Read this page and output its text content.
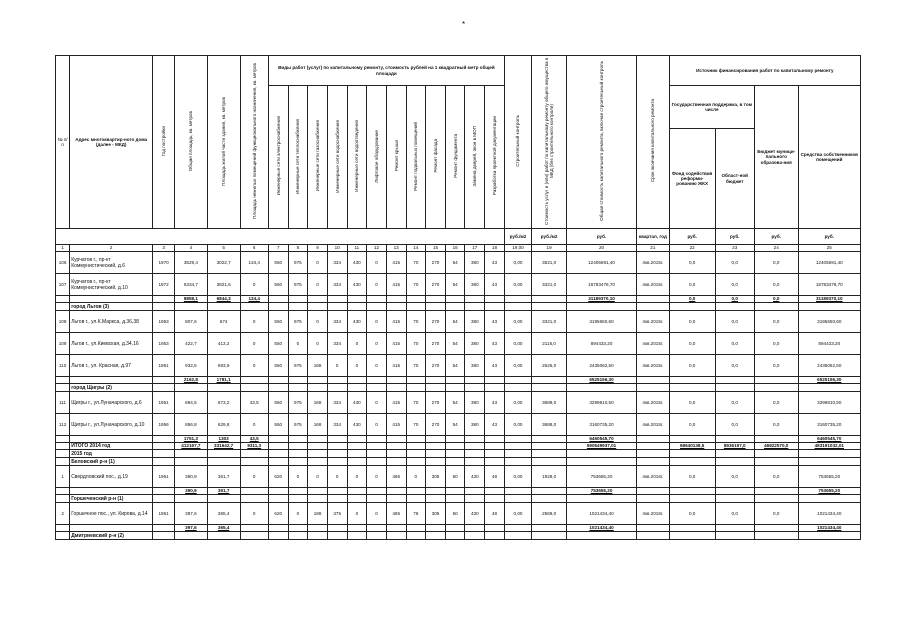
*
№ п/п	Адрес многоквартир-ного дома (далее - МКД)	Год постройки	Общая площадь, кв. метров	Площадь жилой части здания, кв. метров	Площадь нежилых помещений функционального назначения, кв. метров	Виды работ (услуг) по капитальному ремонту, стоимость рублей на 1 квадратный метр общей площади												Строительный контроль	Стоимость услуг и (или) работ по капитальному ремонту общего имущества в МКД (без строительного контроля)	Общая стоимость капитального ремонта, включая строительный контроль	Срок окончания капитального ремонта	Источник финансирования работ по капитальному ремонту			
						Инженерные сети электроснабжения	Инженерные сети теплоснабжения	Инженерные сети газоснабжения	Инженерные сети водоснабжения	Инженерные сети водоотведения	Лифтовое оборудование	Ремонт крыши	Ремонт подвальных помещений	Ремонт фасада	Ремонт фундамента	Замена дверей, окон в МОП	Разработка проектной документации					Государственная поддержка, в том числе		Бюджет муници-пального образова-ния	Средства собственников помещений
																						Фонд содействия реформи-рованию ЖКХ	Област-ной бюджет		
																		руб./м2	руб./м2	руб.	квартал, год	руб.	руб.	руб.	руб.
1	2	3	4	5	6	7	8	9	10	11	12	13	14	15	16	17	18	19,00	19	20	21	22	23	24	25
106	Курчатов г., пр-кт Коммунистический, д.6	1970	3529,4	3022,7	134,4	550	975	0	334	430	0	415	70	270	54	380	43	0,00	3521,0	12405691,40	4кв.2015г.	0,0	0,0	0,0	12405691,40
107	Курчатов г., пр-кт Коммунистический, д.10	1972	5334,7	3821,6	0	550	975	0	334	430	0	415	70	270	54	380	43	0,00	3321,0	18783478,70	4кв.2015г.	0,0	0,0	0,0	18783478,70
			8858,1	6844,3	134,4															31189370,10		0,0	0,0	0,0	31189370,10
	город Льгов (3)																								
108	Льгов г., ул.К.Маркса, д.36,38	1953	807,6	674	0	550	975	0	334	430	0	415	70	270	54	380	43	0,00	3321,0	3195650,60	4кв.2015г.	0,0	0,0	0,0	3195650,60
109	Льгов г., ул.Киевская, д.34,16	1953	422,7	413,2	0	550	0	0	334	0	0	415	70	270	54	380	43	0,00	2116,0	894433,20	4кв.2015г.	0,0	0,0	0,0	894433,20
110	Льгов г., ул. Красная, д.97	1961	932,5	693,9	0	550	975	168	0	0	0	415	70	270	54	380	43	0,00	2625,0	2435062,50	4кв.2015г.	0,0	0,0	0,0	2435062,50
			2162,8	1781,1																6525156,30					6525156,30
	город Щигры (2)																								
111	Щигры г., ул.Луначарского, д.6	1951	894,5	673,2	43,5	550	975	168	334	430	0	415	70	270	54	380	43	0,00	3689,0	3299810,50	4кв.2015г.	0,0	0,0	0,0	3299810,50
112	Щигры г., ул.Луначарского, д.10	1956	856,8	629,8	0	550	975	168	334	430	0	415	70	270	54	380	43	0,00	3688,0	3160735,20	4кв.2015г.	0,0	0,0	0,0	3160735,20
			1751,3	1303	43,5															6460545,70					6460545,70
	ИТОГО 2014 год		412167,7	331642,7	9311,3															590549937,01		68640138,5	8936197,0	46822570,0	483191032,01
	2015 год																								
	Беловский р-н (1)																								
1	Свердловский пос., д.19	1961	390,9	361,7	0	620	0	0	0	0	0	465	0	305	60	430	48	0,00	1928,0	753655,20	4кв.2016г.	0,0	0,0	0,0	753655,20
			390,9	361,7																753655,20					753655,20
	Горшеченский р-н (1)																								
2	Горшечное пос., ул. Кирова, д.14	1951	397,6	365,4	0	620	0	188	375	0	0	465	78	305	60	430	48	0,00	2569,0	1021434,40	4кв.2016г.	0,0	0,0	0,0	1021434,40
			397,6	365,4																1021434,40					1021434,40
	Дмитриевский р-н (2)																								
